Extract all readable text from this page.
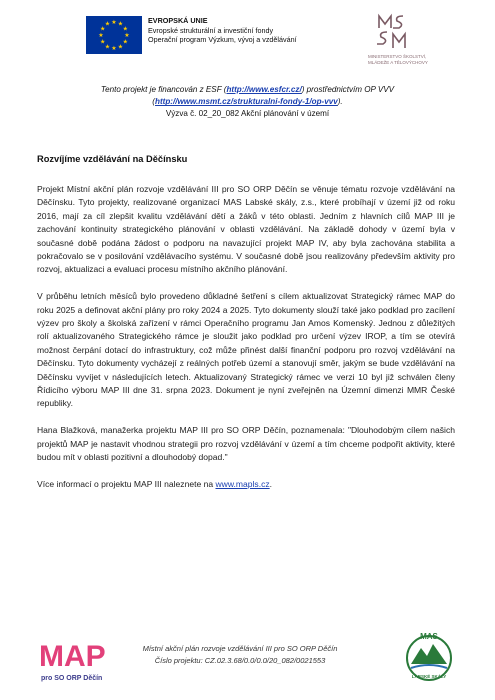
★ ★
★
★
★
★
★
★
★
★
★
★	EVROPSKÁ UNIE
Evropské strukturální a investiční fondy
Operační program Výzkum, vývoj a vzdělávání
MINISTERSTVO ŠKOLSTVÍ,
MLÁDEŽE A TĚLOVÝCHOVY
Tento projekt je financován z ESF (http://www.esfcr.cz/) prostřednictvím OP VVV
(http://www.msmt.cz/strukturalni-fondy-1/op-vvv).
Výzva č. 02_20_082 Akční plánování v území
Rozvíjíme vzdělávání na Děčínsku

Projekt Místní akční plán rozvoje vzdělávání III pro SO ORP Děčín se věnuje tématu rozvoje vzdělávání na Děčínsku. Tyto projekty, realizované organizací MAS Labské skály, z.s., které probíhají v území již od roku 2016, mají za cíl zlepšit kvalitu vzdělávání dětí a žáků v této oblasti. Jedním z hlavních cílů MAP III je zachování kontinuity strategického plánování v oblasti vzdělávání. Na základě dohody v území byla v současné době podána žádost o podporu na navazující projekt MAP IV, aby byla zachována stabilita a pokračovalo se v posilování vzdělávacího systému. V současné době jsou realizovány především aktivity pro rozvoj, aktualizaci a evaluaci procesu místního akčního plánování.

V průběhu letních měsíců bylo provedeno důkladné šetření s cílem aktualizovat Strategický rámec MAP do roku 2025 a definovat akční plány pro roky 2024 a 2025. Tyto dokumenty slouží také jako podklad pro zacílení výzev pro školy a školská zařízení v rámci Operačního programu Jan Amos Komenský. Jednou z důležitých rolí aktualizovaného Strategického rámce je sloužit jako podklad pro určení výzev IROP, a tím se otevírá možnost čerpání dotací do infrastruktury, což může přinést další finanční podporu pro rozvoj vzdělávání na Děčínsku. Tyto dokumenty vycházejí z reálných potřeb území a stanovují směr, jakým se bude vzdělávání na Děčínsku vyvíjet v následujících letech. Aktualizovaný Strategický rámec ve verzi 10 byl již schválen členy Řídicího výboru MAP III dne 31. srpna 2023. Dokument je nyní zveřejněn na Územní dimenzi MMR České republiky.

Hana Blažková, manažerka projektu MAP III pro SO ORP Děčín, poznamenala: "Dlouhodobým cílem našich projektů MAP je nastavit vhodnou strategii pro rozvoj vzdělávání v území a tím chceme podpořit aktivity, které budou mít v oblasti pozitivní a dlouhodobý dopad."

Více informací o projektu MAP III naleznete na www.mapls.cz.

MAP
pro SO ORP Děčín
Místní akční plán rozvoje vzdělávání III pro SO ORP Děčín
Číslo projektu: CZ.02.3.68/0.0/0.0/20_082/0021553
MAS
LABSKÉ SKÁLY
